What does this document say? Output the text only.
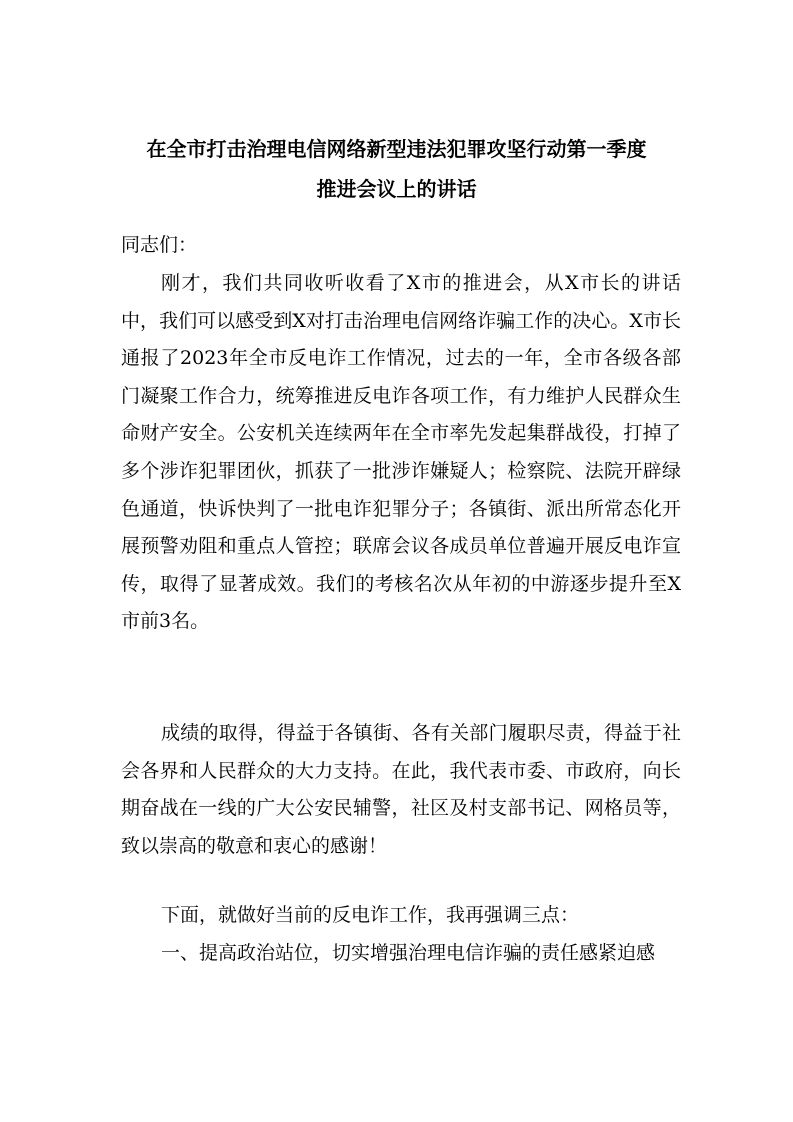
在全市打击治理电信网络新型违法犯罪攻坚行动第一季度
推进会议上的讲话

同志们：

刚才，我们共同收听收看了X市的推进会，从X市长的讲话中，我们可以感受到X对打击治理电信网络诈骗工作的决心。X市长通报了2023年全市反电诈工作情况，过去的一年，全市各级各部门凝聚工作合力，统筹推进反电诈各项工作，有力维护人民群众生命财产安全。公安机关连续两年在全市率先发起集群战役，打掉了多个涉诈犯罪团伙，抓获了一批涉诈嫌疑人；检察院、法院开辟绿色通道，快诉快判了一批电诈犯罪分子；各镇街、派出所常态化开展预警劝阻和重点人管控；联席会议各成员单位普遍开展反电诈宣传，取得了显著成效。我们的考核名次从年初的中游逐步提升至X市前3名。

成绩的取得，得益于各镇街、各有关部门履职尽责，得益于社会各界和人民群众的大力支持。在此，我代表市委、市政府，向长期奋战在一线的广大公安民辅警，社区及村支部书记、网格员等，致以崇高的敬意和衷心的感谢！

下面，就做好当前的反电诈工作，我再强调三点：

一、提高政治站位，切实增强治理电信诈骗的责任感紧迫感
